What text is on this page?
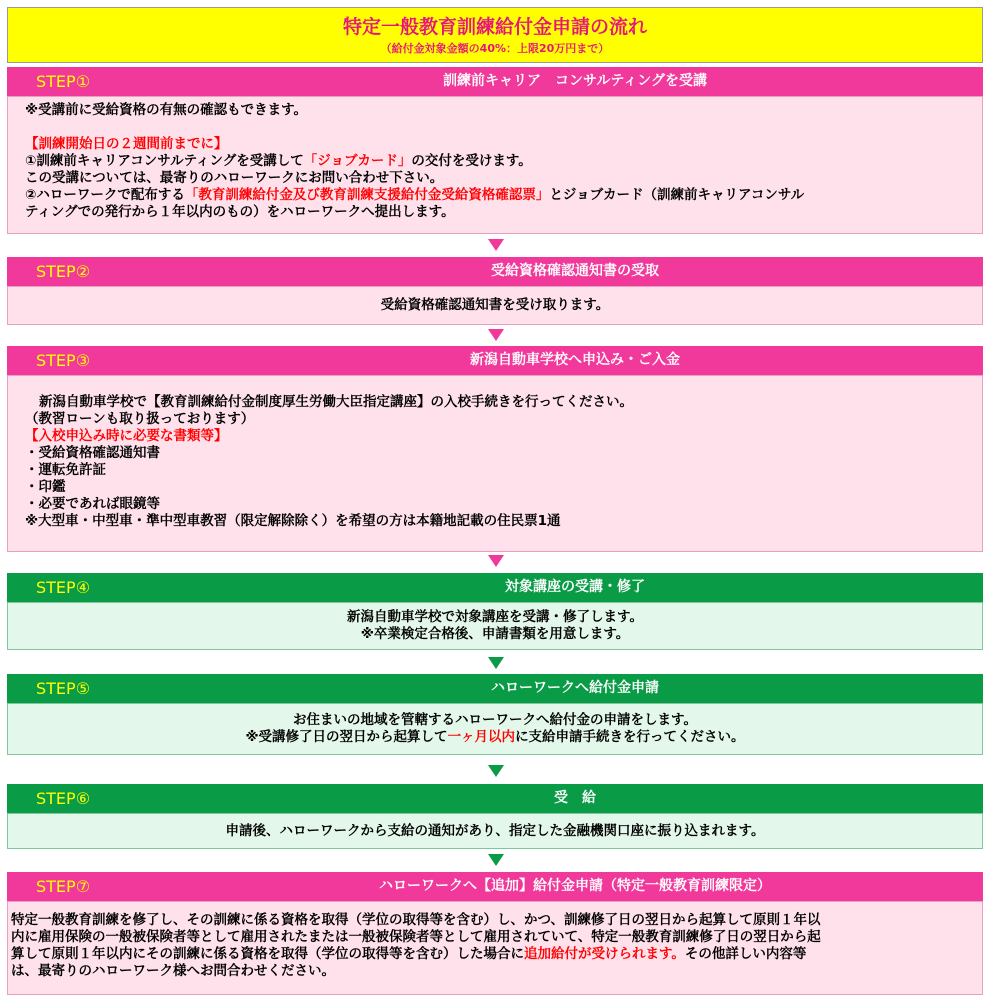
特定一般教育訓練給付金申請の流れ
（給付金対象金額の40%：上限20万円まで）
STEP①	訓練前キャリア　コンサルティングを受講

※受講前に受給資格の有無の確認もできます。

【訓練開始日の２週間前までに】

①訓練前キャリアコンサルティングを受講して「ジョブカード」の交付を受けます。

この受講については、最寄りのハローワークにお問い合わせ下さい。

②ハローワークで配布する「教育訓練給付金及び教育訓練支援給付金受給資格確認票」とジョブカード（訓練前キャリアコンサル

ティングでの発行から１年以内のもの）をハローワークへ提出します。

STEP②	受給資格確認通知書の受取

受給資格確認通知書を受け取ります。

STEP③	新潟自動車学校へ申込み・ご入金

新潟自動車学校で【教育訓練給付金制度厚生労働大臣指定講座】の入校手続きを行ってください。

（教習ローンも取り扱っております）

【入校申込み時に必要な書類等】

・受給資格確認通知書

・運転免許証

・印鑑

・必要であれば眼鏡等

※大型車・中型車・準中型車教習（限定解除除く）を希望の方は本籍地記載の住民票1通

STEP④	対象講座の受講・修了

新潟自動車学校で対象講座を受講・修了します。

※卒業検定合格後、申請書類を用意します。

STEP⑤	ハローワークへ給付金申請

お住まいの地域を管轄するハローワークへ給付金の申請をします。

※受講修了日の翌日から起算して一ヶ月以内に支給申請手続きを行ってください。

STEP⑥	受　給

申請後、ハローワークから支給の通知があり、指定した金融機関口座に振り込まれます。

STEP⑦	ハローワークへ【追加】給付金申請（特定一般教育訓練限定）

特定一般教育訓練を修了し、その訓練に係る資格を取得（学位の取得等を含む）し、かつ、訓練修了日の翌日から起算して原則１年以

内に雇用保険の一般被保険者等として雇用されたまたは一般被保険者等として雇用されていて、特定一般教育訓練修了日の翌日から起

算して原則１年以内にその訓練に係る資格を取得（学位の取得等を含む）した場合に追加給付が受けられます。その他詳しい内容等

は、最寄りのハローワーク様へお問合わせください。
